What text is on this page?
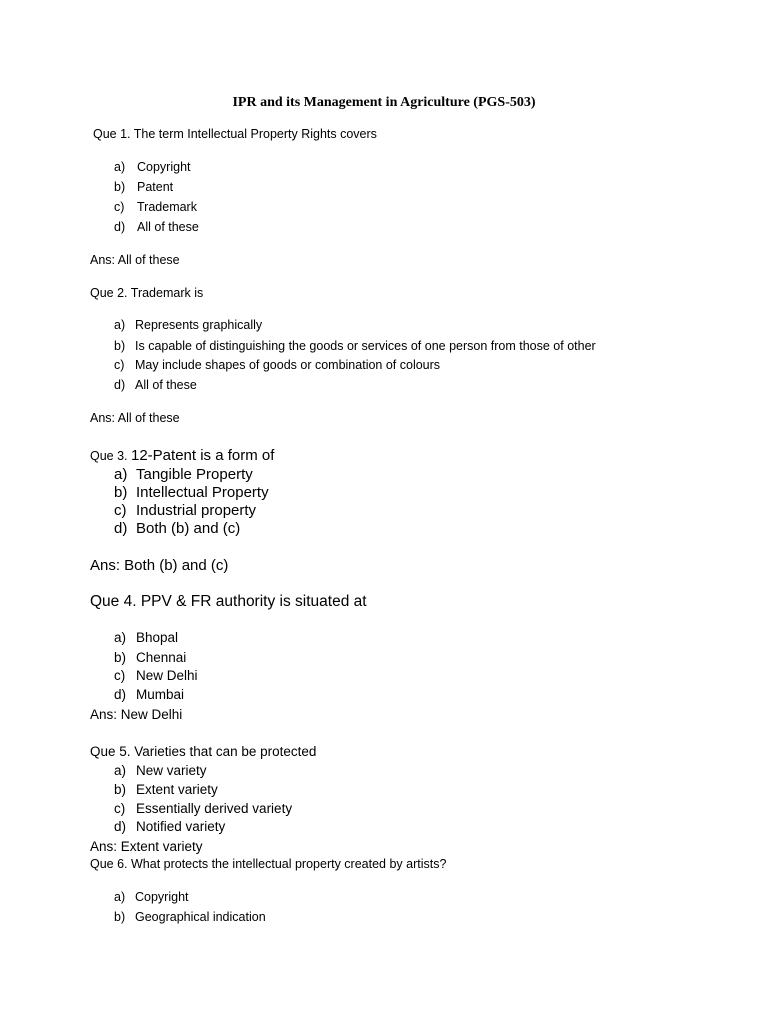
IPR and its Management in Agriculture (PGS-503)
Que 1. The term Intellectual Property Rights covers
a) Copyright
b) Patent
c) Trademark
d) All of these
Ans: All of these
Que 2. Trademark is
a) Represents graphically
b) Is capable of distinguishing the goods or services of one person from those of other
c) May include shapes of goods or combination of colours
d) All of these
Ans: All of these
Que 3. 12-Patent is a form of
a) Tangible Property
b) Intellectual Property
c) Industrial property
d) Both (b) and (c)
Ans: Both (b) and (c)
Que 4. PPV & FR authority is situated at
a) Bhopal
b) Chennai
c) New Delhi
d) Mumbai
Ans: New Delhi
Que 5. Varieties that can be protected
a) New variety
b) Extent variety
c) Essentially derived variety
d) Notified variety
Ans: Extent variety
Que 6. What protects the intellectual property created by artists?
a) Copyright
b) Geographical indication
